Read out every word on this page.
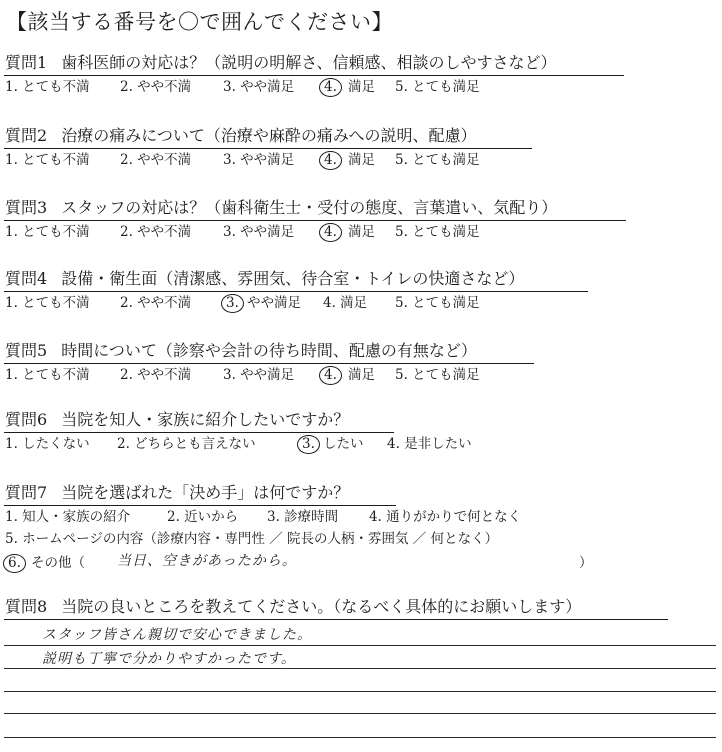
【該当する番号を〇で囲んでください】
質問1 歯科医師の対応は？（説明の明解さ、信頼感、相談のしやすさなど）
1. とても不満 2. やや不満 3. やや満足 4. 満足 5. とても満足
質問2 治療の痛みについて（治療や麻酔の痛みへの説明、配慮）
1. とても不満 2. やや不満 3. やや満足 4. 満足 5. とても満足
質問3 スタッフの対応は？（歯科衛生士・受付の態度、言葉遣い、気配り）
1. とても不満 2. やや不満 3. やや満足 4. 満足 5. とても満足
質問4 設備・衛生面（清潔感、雰囲気、待合室・トイレの快適さなど）
1. とても不満 2. やや不満	3. やや満足 4. 満足 5. とても満足
質問5 時間について（診察や会計の待ち時間、配慮の有無など）
1. とても不満 2. やや不満 3. やや満足 4. 満足 5. とても満足
質問6 当院を知人・家族に紹介したいですか？
1. したくない 2. どちらとも言えない	3. したい 4. 是非したい
質問7 当院を選ばれた「決め手」は何ですか？
1. 知人・家族の紹介	2. 近いから 3. 診療時間 4. 通りがかりで何となく
5. ホームページの内容（診療内容・専門性 ／ 院長の人柄・雰囲気 ／ 何となく）
6. その他（ 当日、空きがあったから。	）
質問8 当院の良いところを教えてください。（なるべく具体的にお願いします）
スタッフ皆さん親切で安心できました。
説明も丁寧で分かりやすかったです。
